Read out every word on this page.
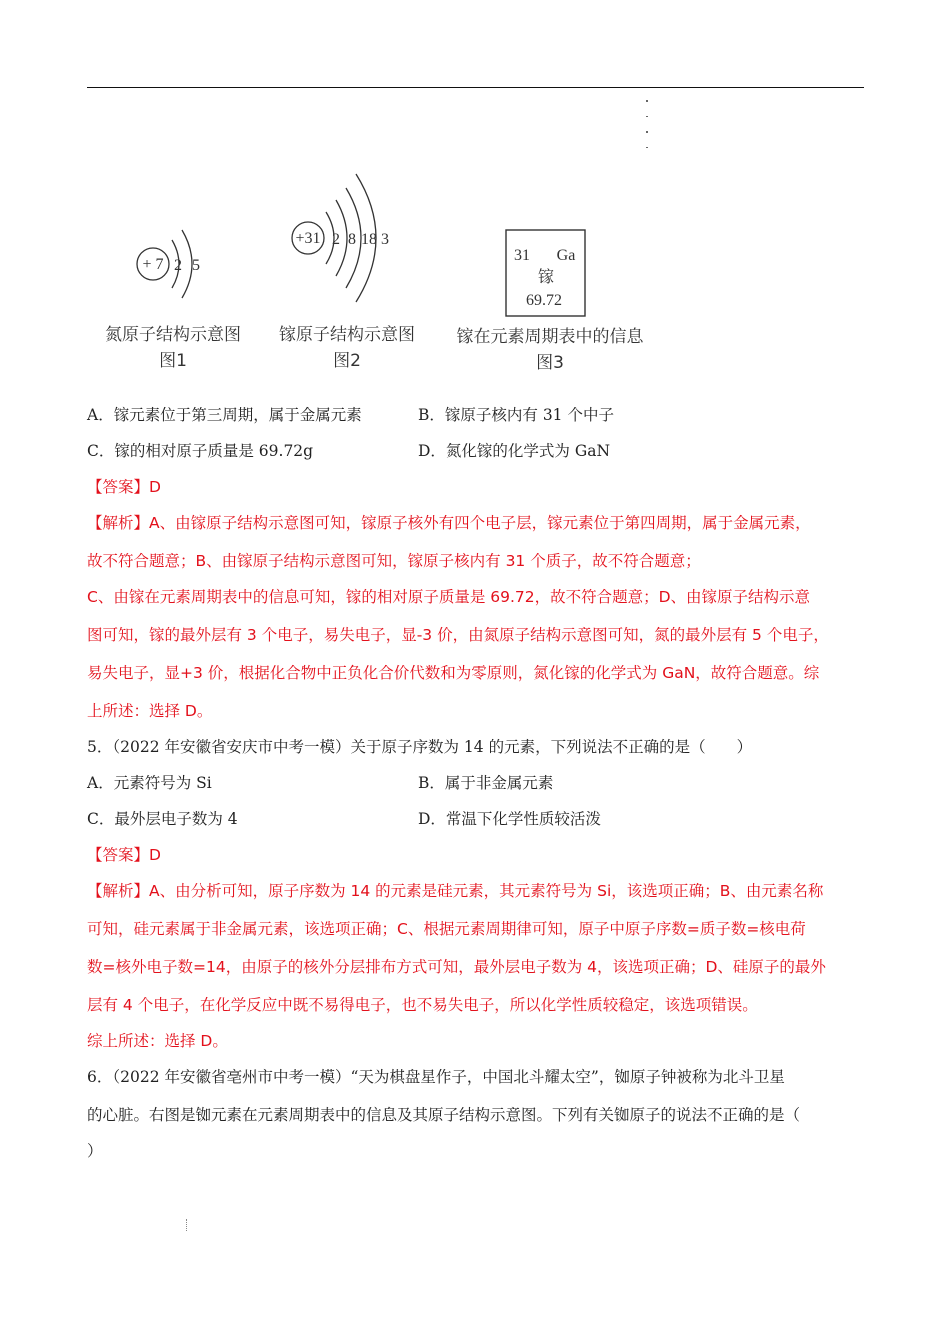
+ 7 2 5
+31 2 8 18 3
31 Ga
镓
69.72
氮原子结构示意图
图1
镓原子结构示意图
图2
镓在元素周期表中的信息
图3
A．镓元素位于第三周期，属于金属元素	B．镓原子核内有 31 个中子
C．镓的相对原子质量是 69.72g	D．氮化镓的化学式为 GaN
【答案】D
【解析】A、由镓原子结构示意图可知，镓原子核外有四个电子层，镓元素位于第四周期，属于金属元素，
故不符合题意；B、由镓原子结构示意图可知，镓原子核内有 31 个质子，故不符合题意；
C、由镓在元素周期表中的信息可知，镓的相对原子质量是 69.72，故不符合题意；D、由镓原子结构示意
图可知，镓的最外层有 3 个电子，易失电子，显-3 价，由氮原子结构示意图可知，氮的最外层有 5 个电子，
易失电子，显+3 价，根据化合物中正负化合价代数和为零原则，氮化镓的化学式为 GaN，故符合题意。综
上所述：选择 D。
5．（2022 年安徽省安庆市中考一模）关于原子序数为 14 的元素，下列说法不正确的是（　　）
A．元素符号为 Si	B．属于非金属元素
C．最外层电子数为 4	D．常温下化学性质较活泼
【答案】D
【解析】A、由分析可知，原子序数为 14 的元素是硅元素，其元素符号为 Si，该选项正确；B、由元素名称
可知，硅元素属于非金属元素，该选项正确；C、根据元素周期律可知，原子中原子序数=质子数=核电荷
数=核外电子数=14，由原子的核外分层排布方式可知，最外层电子数为 4，该选项正确；D、硅原子的最外
层有 4 个电子，在化学反应中既不易得电子，也不易失电子，所以化学性质较稳定，该选项错误。
综上所述：选择 D。
6．（2022 年安徽省亳州市中考一模）“天为棋盘星作子，中国北斗耀太空”，铷原子钟被称为北斗卫星
的心脏。右图是铷元素在元素周期表中的信息及其原子结构示意图。下列有关铷原子的说法不正确的是（
）
